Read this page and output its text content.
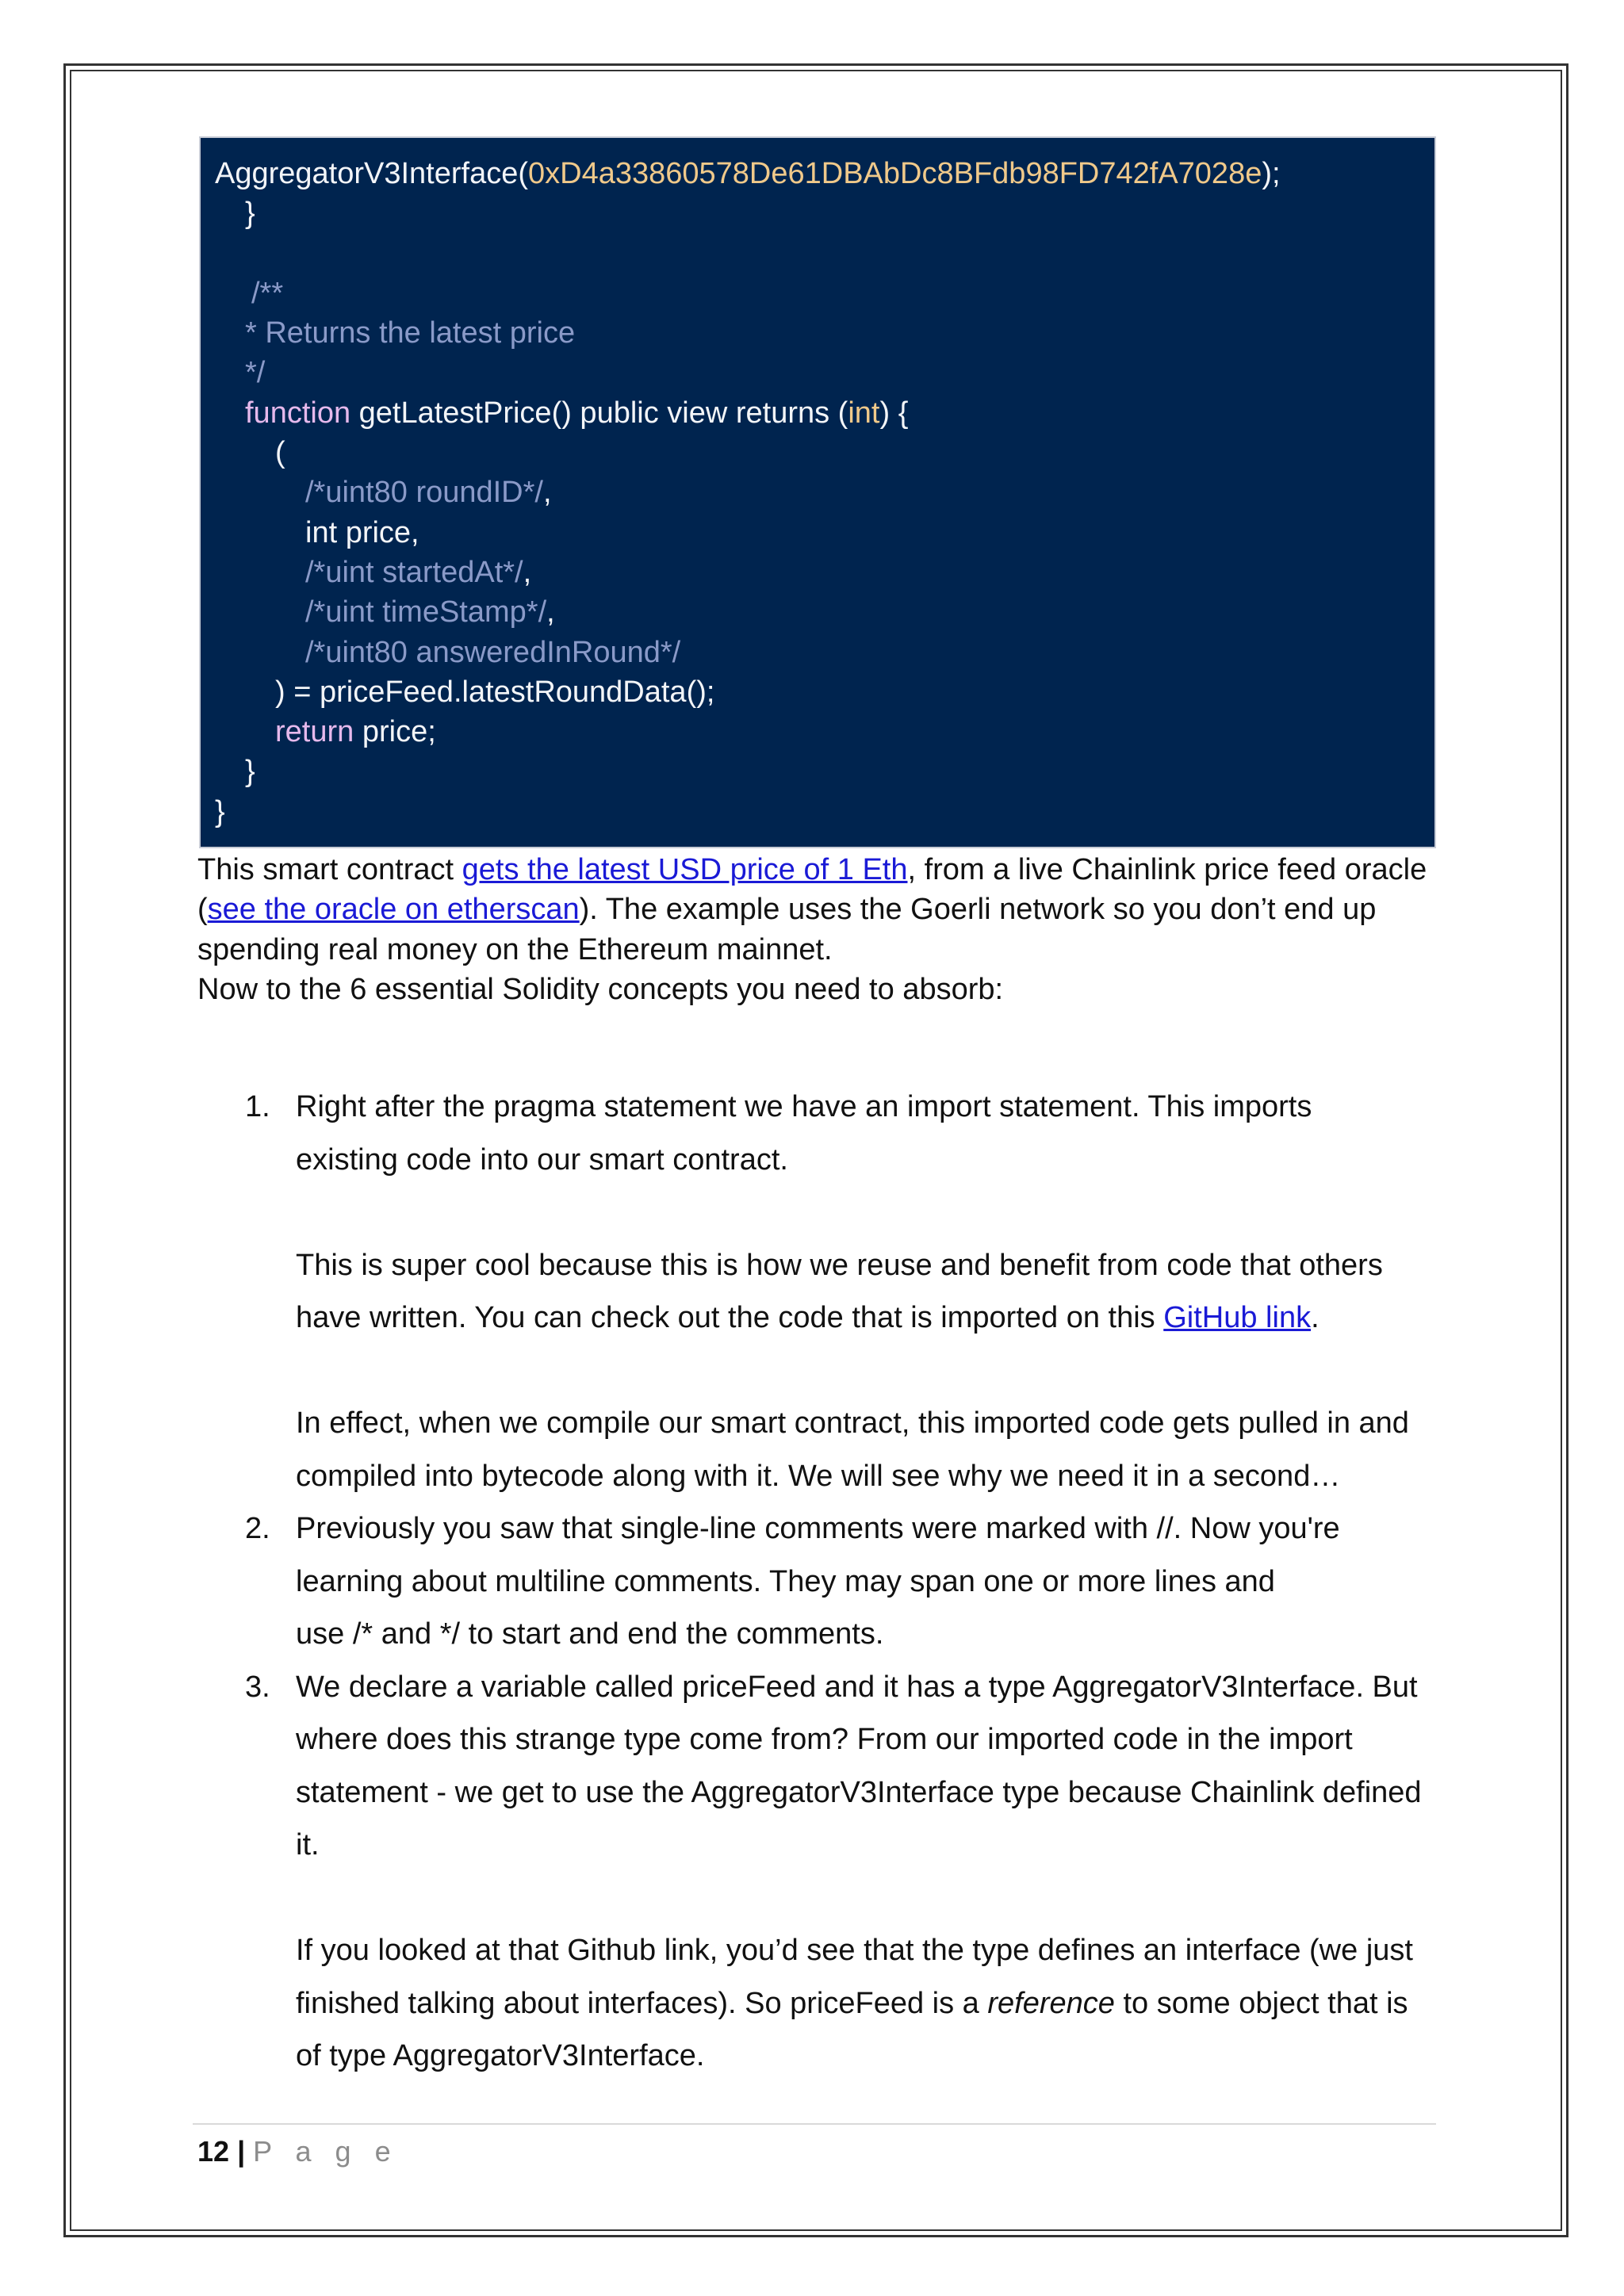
AggregatorV3Interface(0xD4a33860578De61DBAbDc8BFdb98FD742fA7028e);
}
/**
* Returns the latest price
*/
function getLatestPrice() public view returns (int) {
(
/*uint80 roundID*/,
int price,
/*uint startedAt*/,
/*uint timeStamp*/,
/*uint80 answeredInRound*/
) = priceFeed.latestRoundData();
return price;
}
}
This smart contract gets the latest USD price of 1 Eth, from a live Chainlink price feed oracle
(see the oracle on etherscan). The example uses the Goerli network so you don’t end up
spending real money on the Ethereum mainnet.
Now to the 6 essential Solidity concepts you need to absorb:
1. Right after the pragma statement we have an import statement. This imports
existing code into our smart contract.
This is super cool because this is how we reuse and benefit from code that others
have written. You can check out the code that is imported on this GitHub link.
In effect, when we compile our smart contract, this imported code gets pulled in and
compiled into bytecode along with it. We will see why we need it in a second…
2. Previously you saw that single-line comments were marked with //. Now you're
learning about multiline comments. They may span one or more lines and
use /* and */ to start and end the comments.
3. We declare a variable called priceFeed and it has a type AggregatorV3Interface. But
where does this strange type come from? From our imported code in the import
statement - we get to use the AggregatorV3Interface type because Chainlink defined
it.
If you looked at that Github link, you’d see that the type defines an interface (we just
finished talking about interfaces). So priceFeed is a reference to some object that is
of type AggregatorV3Interface.
12 | P a g e
